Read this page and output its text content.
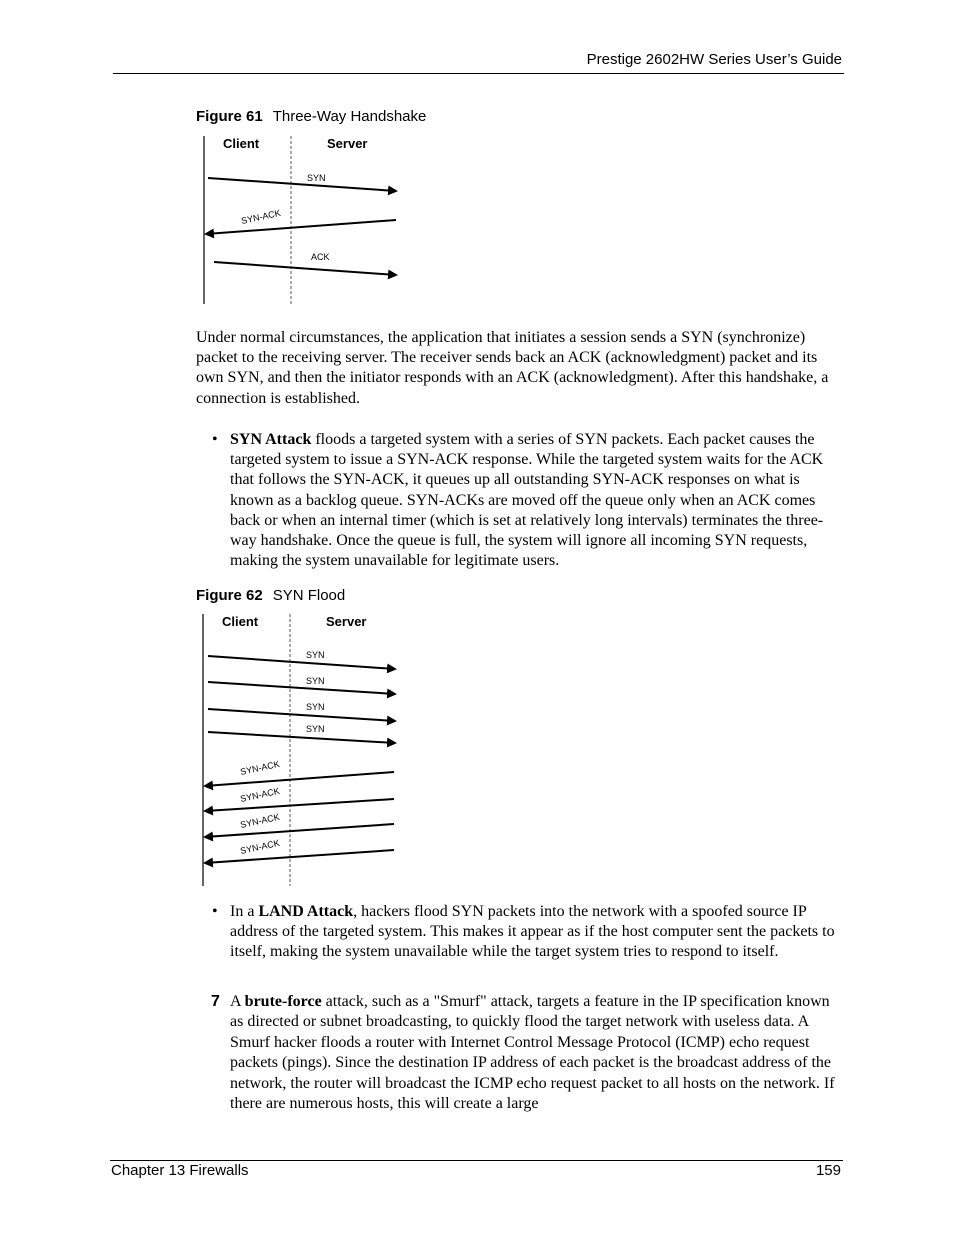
Prestige 2602HW Series User’s Guide
Figure 61 Three-Way Handshake
Client	Server
SYN
SYN-ACK
ACK
Under normal circumstances, the application that initiates a session sends a SYN (synchronize) packet to the receiving server. The receiver sends back an ACK (acknowledgment) packet and its own SYN, and then the initiator responds with an ACK (acknowledgment). After this handshake, a connection is established.
• SYN Attack floods a targeted system with a series of SYN packets. Each packet causes the targeted system to issue a SYN-ACK response. While the targeted system waits for the ACK that follows the SYN-ACK, it queues up all outstanding SYN-ACK responses on what is known as a backlog queue. SYN-ACKs are moved off the queue only when an ACK comes back or when an internal timer (which is set at relatively long intervals) terminates the three-way handshake. Once the queue is full, the system will ignore all incoming SYN requests, making the system unavailable for legitimate users.
Figure 62 SYN Flood
Client	Server
SYN
SYN
SYN
SYN
SYN-ACK
SYN-ACK
SYN-ACK
SYN-ACK
• In a LAND Attack, hackers flood SYN packets into the network with a spoofed source IP address of the targeted system. This makes it appear as if the host computer sent the packets to itself, making the system unavailable while the target system tries to respond to itself.
7 A brute-force attack, such as a "Smurf" attack, targets a feature in the IP specification known as directed or subnet broadcasting, to quickly flood the target network with useless data. A Smurf hacker floods a router with Internet Control Message Protocol (ICMP) echo request packets (pings). Since the destination IP address of each packet is the broadcast address of the network, the router will broadcast the ICMP echo request packet to all hosts on the network. If there are numerous hosts, this will create a large
Chapter 13 Firewalls	159
